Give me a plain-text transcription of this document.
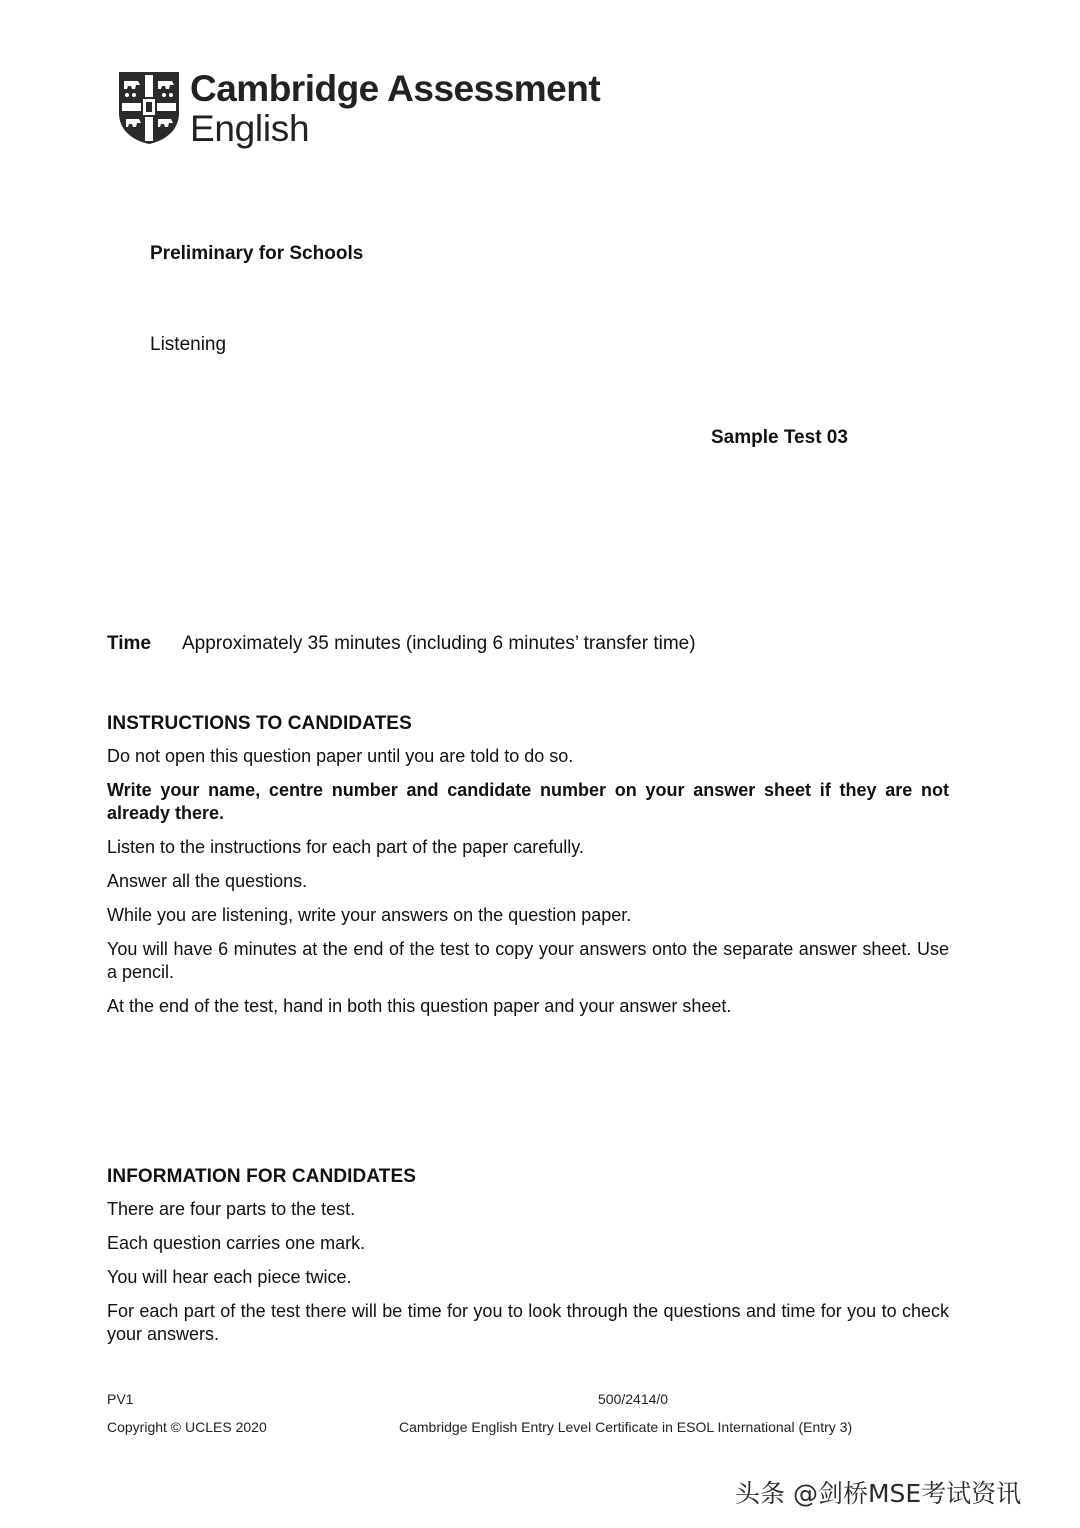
Cambridge Assessment
English
Preliminary for Schools
Listening
Sample Test 03
Time Approximately 35 minutes (including 6 minutes’ transfer time)
INSTRUCTIONS TO CANDIDATES

Do not open this question paper until you are told to do so.

Write your name, centre number and candidate number on your answer sheet if they are not already there.

Listen to the instructions for each part of the paper carefully.

Answer all the questions.

While you are listening, write your answers on the question paper.

You will have 6 minutes at the end of the test to copy your answers onto the separate answer sheet. Use a pencil.

At the end of the test, hand in both this question paper and your answer sheet.

INFORMATION FOR CANDIDATES

There are four parts to the test.

Each question carries one mark.

You will hear each piece twice.

For each part of the test there will be time for you to look through the questions and time for you to check your answers.

PV1	500/2414/0
Copyright © UCLES 2020	Cambridge English Entry Level Certificate in ESOL International (Entry 3)
头条 @剑桥MSE考试资讯
